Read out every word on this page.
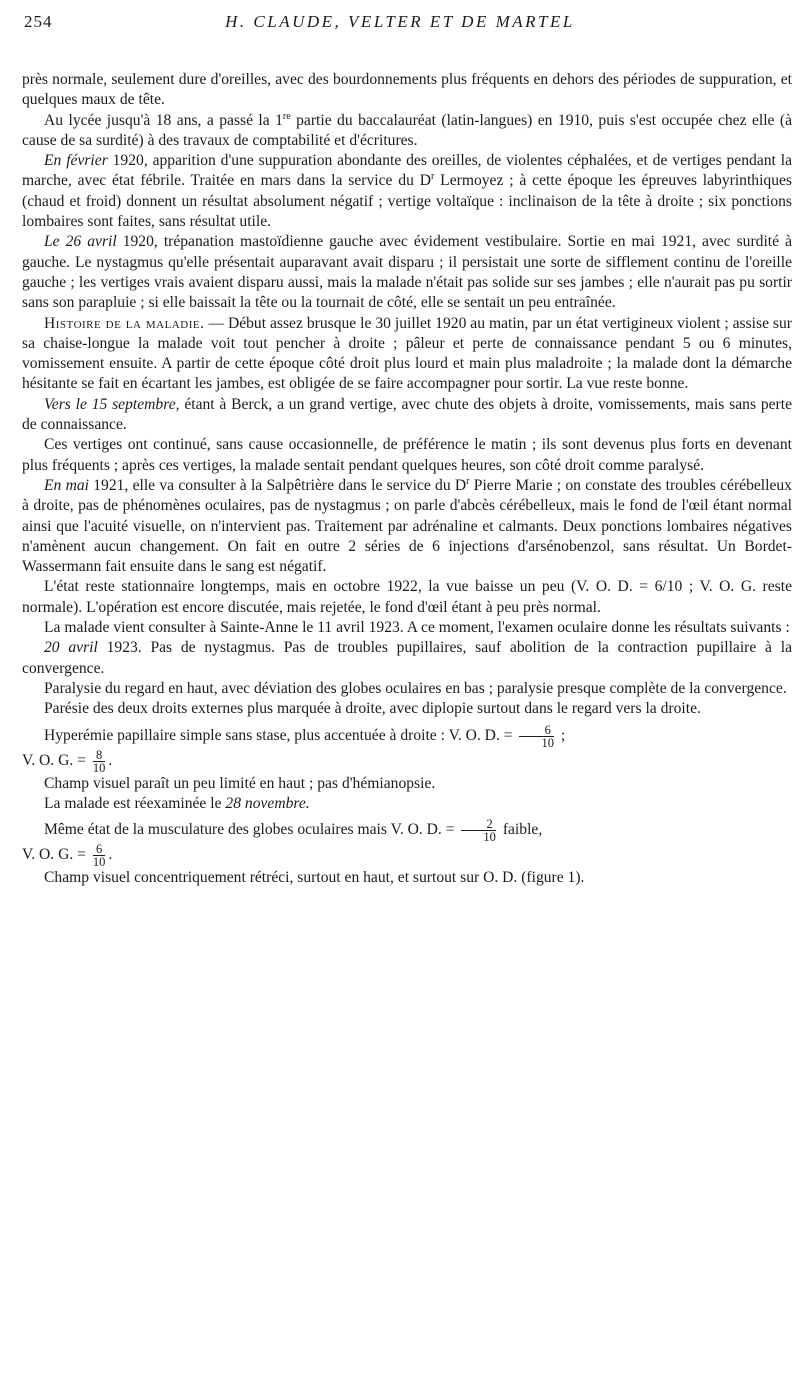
254	H. CLAUDE, VELTER ET DE MARTEL

près normale, seulement dure d'oreilles, avec des bourdonnements plus fréquents en dehors des périodes de suppuration, et quelques maux de tête.

Au lycée jusqu'à 18 ans, a passé la 1re partie du baccalauréat (latin-langues) en 1910, puis s'est occupée chez elle (à cause de sa surdité) à des travaux de comptabilité et d'écritures.

En février 1920, apparition d'une suppuration abondante des oreilles, de violentes céphalées, et de vertiges pendant la marche, avec état fébrile. Traitée en mars dans la service du $D^r$ Lermoyez ; à cette époque les épreuves labyrinthiques (chaud et froid) donnent un résultat absolument négatif ; vertige voltaïque : inclinaison de la tête à droite ; six ponctions lombaires sont faites, sans résultat utile.

Le 26 avril 1920, trépanation mastoïdienne gauche avec évidement vestibulaire. Sortie en mai 1921, avec surdité à gauche. Le nystagmus qu'elle présentait auparavant avait disparu ; il persistait une sorte de sifflement continu de l'oreille gauche ; les vertiges vrais avaient disparu aussi, mais la malade n'était pas solide sur ses jambes ; elle n'aurait pas pu sortir sans son parapluie ; si elle baissait la tête ou la tournait de côté, elle se sentait un peu entraînée.

Histoire de la maladie. — Début assez brusque le 30 juillet 1920 au matin, par un état vertigineux violent ; assise sur sa chaise-longue la malade voit tout pencher à droite ; pâleur et perte de connaissance pendant 5 ou 6 minutes, vomissement ensuite. A partir de cette époque côté droit plus lourd et main plus maladroite ; la malade dont la démarche hésitante se fait en écartant les jambes, est obligée de se faire accompagner pour sortir. La vue reste bonne.

Vers le 15 septembre, étant à Berck, a un grand vertige, avec chute des objets à droite, vomissements, mais sans perte de connaissance.

Ces vertiges ont continué, sans cause occasionnelle, de préférence le matin ; ils sont devenus plus forts en devenant plus fréquents ; après ces vertiges, la malade sentait pendant quelques heures, son côté droit comme paralysé.

En mai 1921, elle va consulter à la Salpêtrière dans le service du $D^r$ Pierre Marie ; on constate des troubles cérébelleux à droite, pas de phénomènes oculaires, pas de nystagmus ; on parle d'abcès cérébelleux, mais le fond de l'œil étant normal ainsi que l'acuité visuelle, on n'intervient pas. Traitement par adrénaline et calmants. Deux ponctions lombaires négatives n'amènent aucun changement. On fait en outre 2 séries de 6 injections d'arsénobenzol, sans résultat. Un Bordet-Wassermann fait ensuite dans le sang est négatif.

L'état reste stationnaire longtemps, mais en octobre 1922, la vue baisse un peu (V. O. D. = 6/10 ; V. O. G. reste normale). L'opération est encore discutée, mais rejetée, le fond d'œil étant à peu près normal.

La malade vient consulter à Sainte-Anne le 11 avril 1923. A ce moment, l'examen oculaire donne les résultats suivants :

20 avril 1923. Pas de nystagmus. Pas de troubles pupillaires, sauf abolition de la contraction pupillaire à la convergence.

Paralysie du regard en haut, avec déviation des globes oculaires en bas ; paralysie presque complète de la convergence.

Parésie des deux droits externes plus marquée à droite, avec diplopie surtout dans le regard vers la droite.

Hyperémie papillaire simple sans stase, plus accentuée à droite : V. O. D. = $\frac{6}{10}$ ;

V. O. G. = $\frac{8}{10}$ .

Champ visuel paraît un peu limité en haut ; pas d'hémianopsie.

La malade est réexaminée le 28 novembre.

Même état de la musculature des globes oculaires mais V. O. D. = $\frac{2}{10}$ faible,

V. O. G. = $\frac{6}{10}$ .

Champ visuel concentriquement rétréci, surtout en haut, et surtout sur O. D. (figure 1).
